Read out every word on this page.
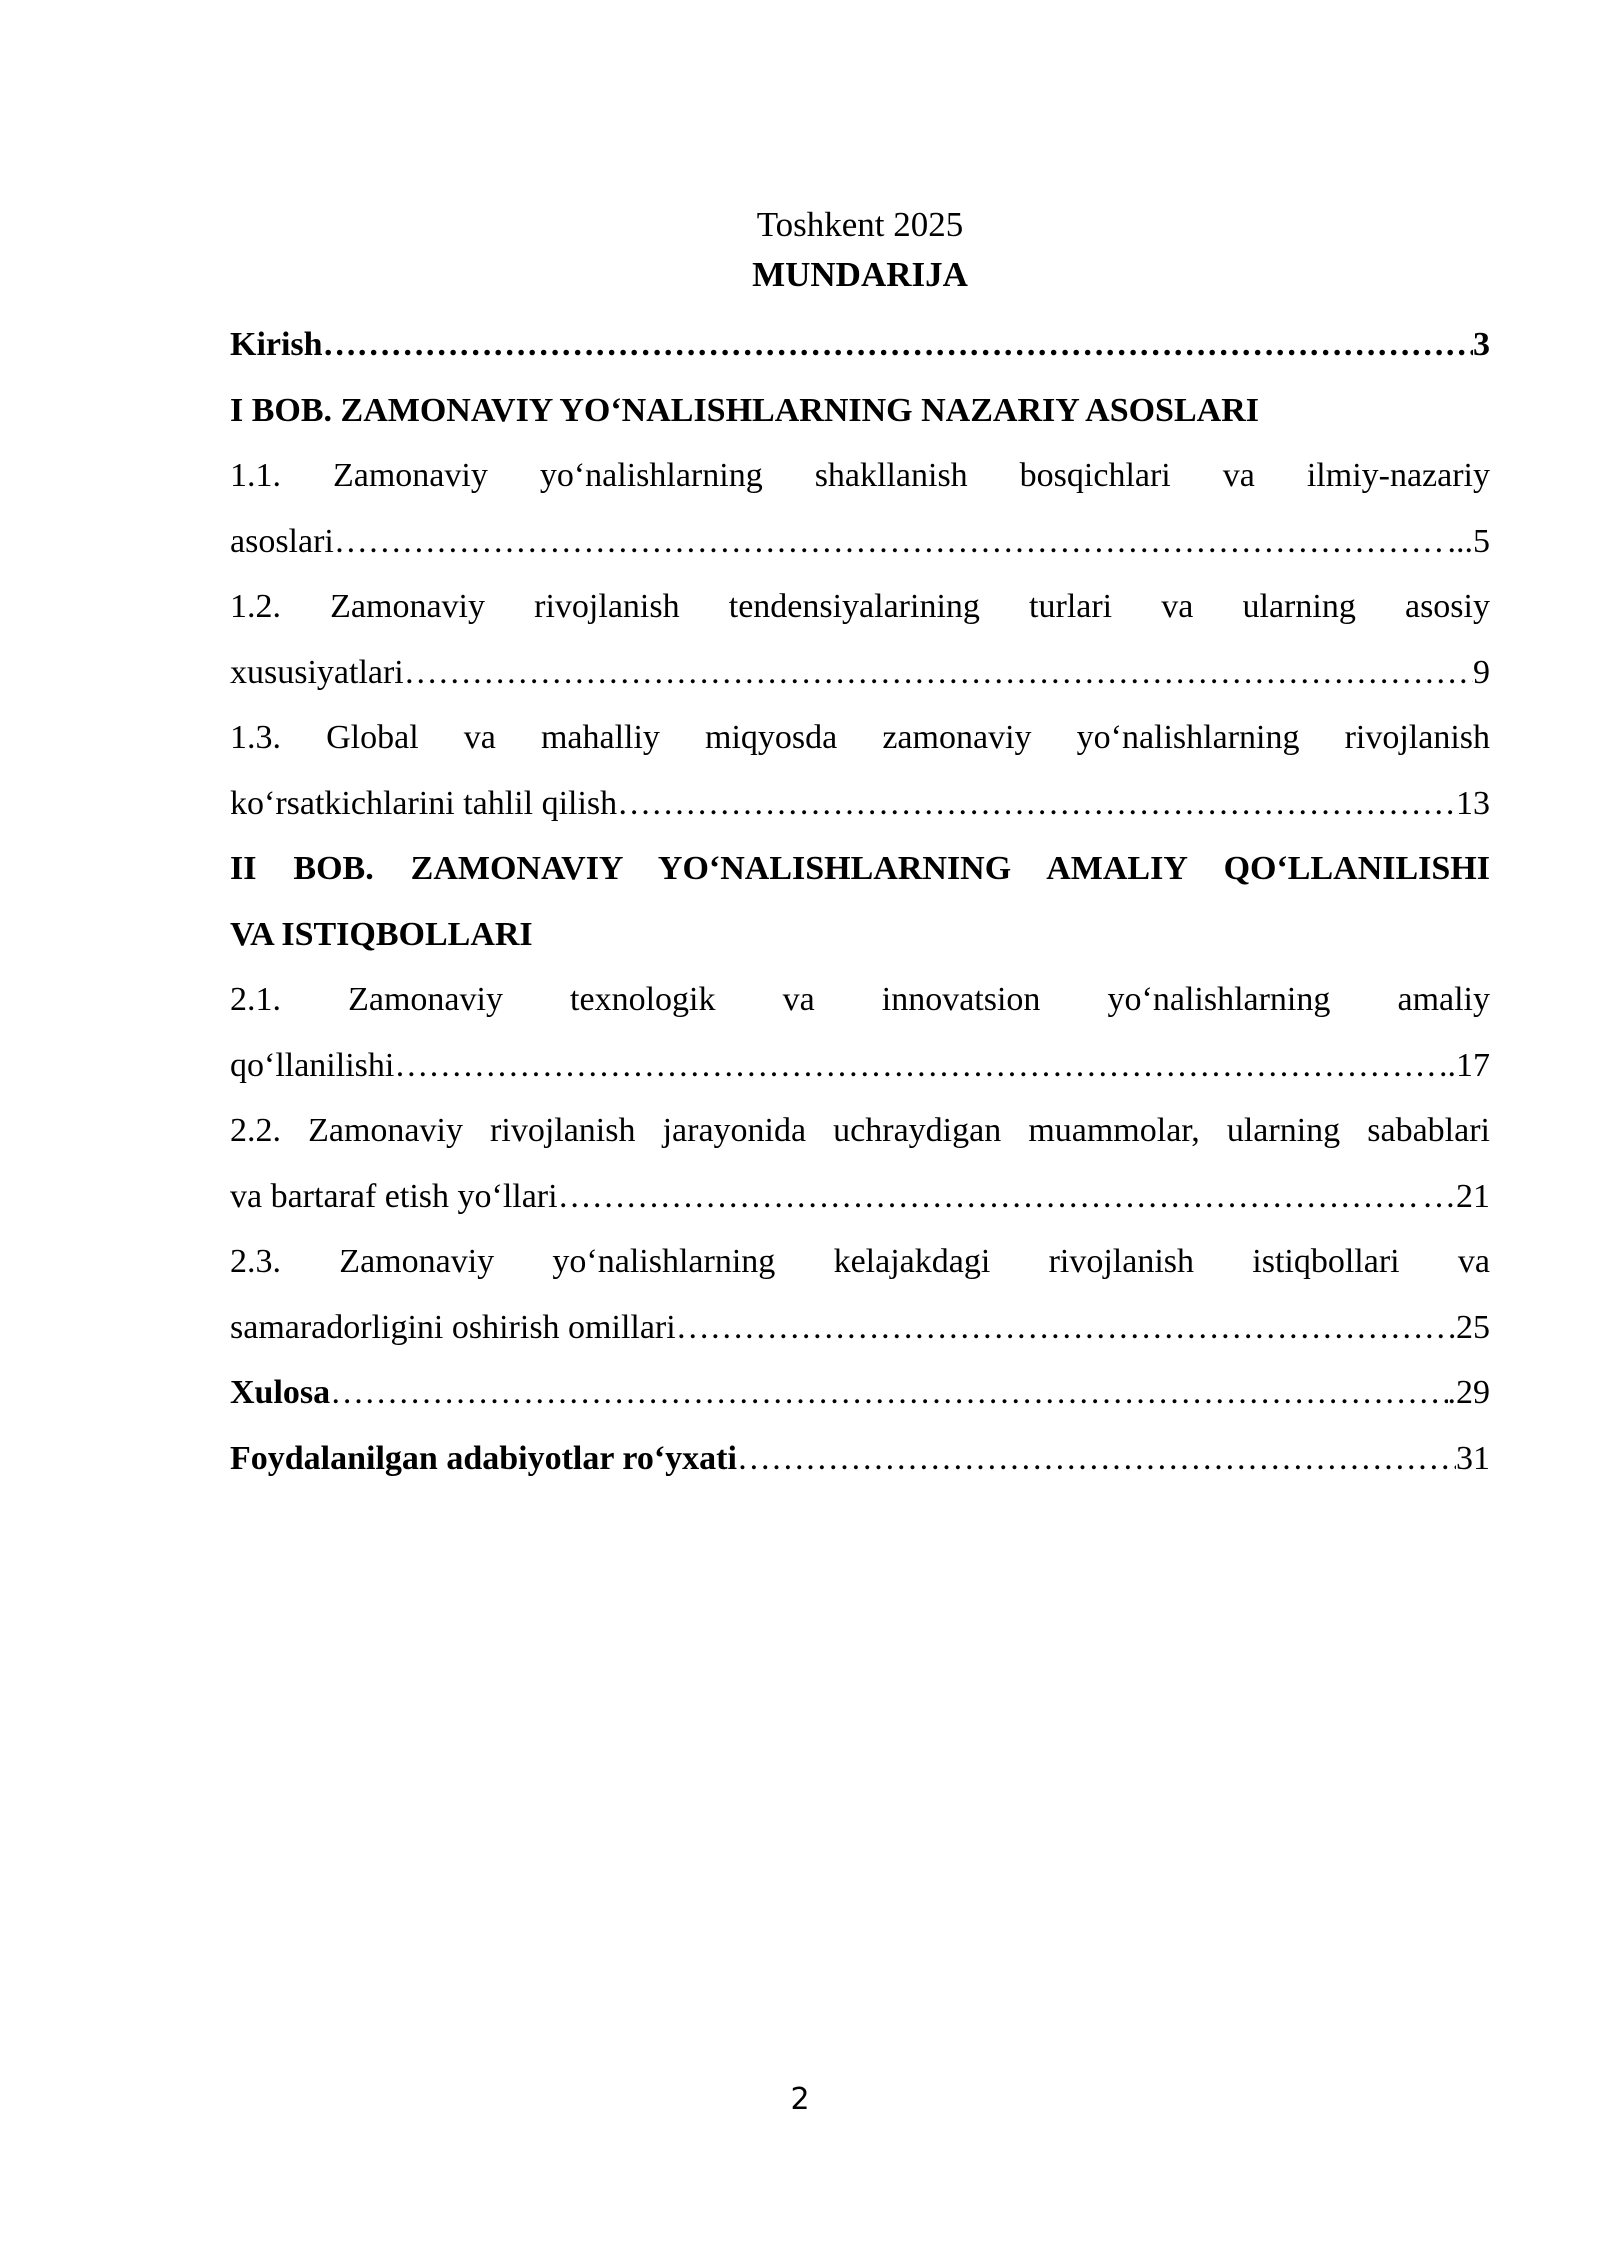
Toshkent 2025

MUNDARIJA

Kirish ……………………………………………………………………………………………………………………………………………………………………………………………………	3
I BOB. ZAMONAVIY YO‘NALISHLARNING NAZARIY ASOSLARI
1.1. Zamonaviy yo‘nalishlarning shakllanish bosqichlari va ilmiy-nazariy
asoslari ……………………………………………………………………………………………………………………………………………………………………………………………………	...5
1.2. Zamonaviy rivojlanish tendensiyalarining turlari va ularning asosiy
xususiyatlari ……………………………………………………………………………………………………………………………………………………………………………………………………	9
1.3. Global va mahalliy miqyosda zamonaviy yo‘nalishlarning rivojlanish
ko‘rsatkichlarini tahlil qilish ……………………………………………………………………………………………………………………………………………………………………………………………………	13
II BOB. ZAMONAVIY YO‘NALISHLARNING AMALIY QO‘LLANILISHI
VA ISTIQBOLLARI
2.1. Zamonaviy texnologik va innovatsion yo‘nalishlarning amaliy
qo‘llanilishi ……………………………………………………………………………………………………………………………………………………………………………………………………	..17
2.2. Zamonaviy rivojlanish jarayonida uchraydigan muammolar, ularning sabablari
va bartaraf etish yo‘llari ……………………………………………………………………………………………………………………………………………………………………………………………………	…21
2.3. Zamonaviy yo‘nalishlarning kelajakdagi rivojlanish istiqbollari va
samaradorligini oshirish omillari ……………………………………………………………………………………………………………………………………………………………………………………………………	25
Xulosa ……………………………………………………………………………………………………………………………………………………………………………………………………	.29
Foydalanilgan adabiyotlar ro‘yxati ……………………………………………………………………………………………………………………………………………………………………………………………………	31
2
